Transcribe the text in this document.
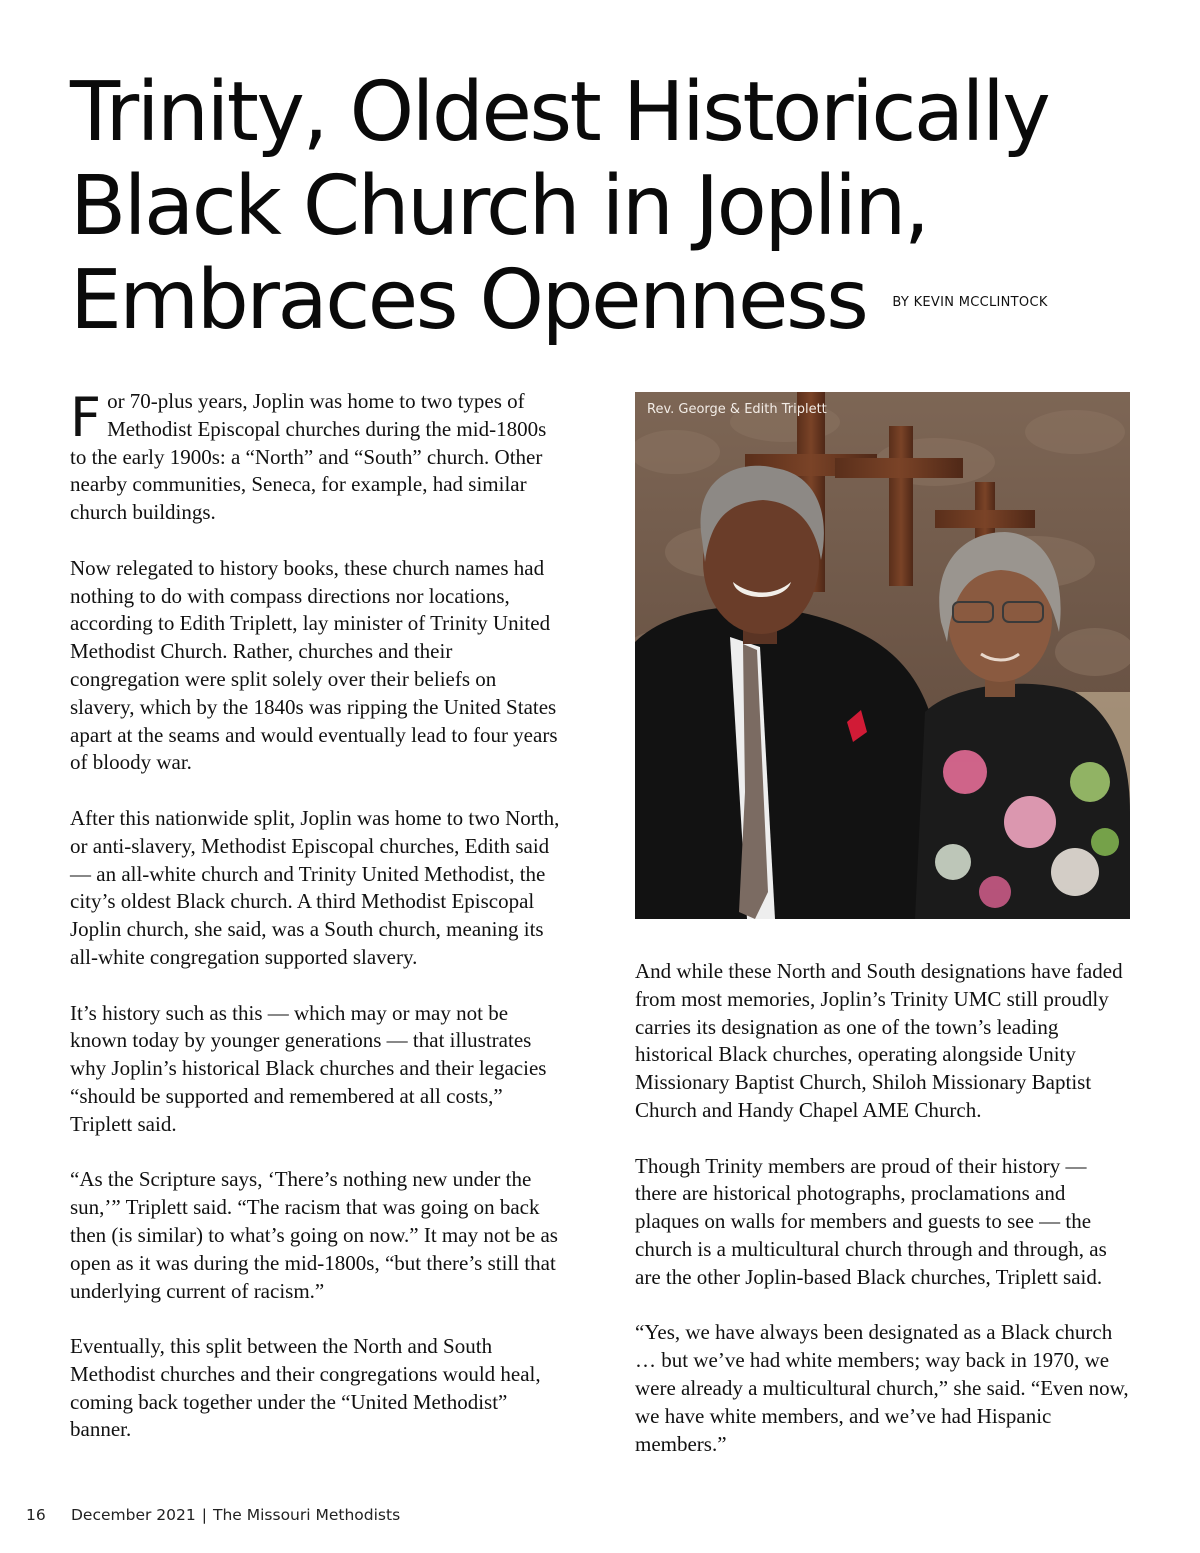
Trinity, Oldest Historically
Black Church in Joplin,
Embraces Openness $^{BY KEVIN MCCLINTOCK}$

For 70-plus years, Joplin was home to two types of Methodist Episcopal churches during the mid-1800s to the early 1900s: a “North” and “South” church. Other nearby communities, Seneca, for example, had similar church buildings.

Now relegated to history books, these church names had nothing to do with compass directions nor locations, according to Edith Triplett, lay minister of Trinity United Methodist Church. Rather, churches and their congregation were split solely over their beliefs on slavery, which by the 1840s was ripping the United States apart at the seams and would eventually lead to four years of bloody war.

After this nationwide split, Joplin was home to two North, or anti-slavery, Methodist Episcopal churches, Edith said — an all-white church and Trinity United Methodist, the city’s oldest Black church. A third Methodist Episcopal Joplin church, she said, was a South church, meaning its all-white congregation supported slavery.

It’s history such as this — which may or may not be known today by younger generations — that illustrates why Joplin’s historical Black churches and their legacies “should be supported and remembered at all costs,” Triplett said.

“As the Scripture says, ‘There’s nothing new under the sun,’” Triplett said. “The racism that was going on back then (is similar) to what’s going on now.” It may not be as open as it was during the mid-1800s, “but there’s still that underlying current of racism.”

Eventually, this split between the North and South Methodist churches and their congregations would heal, coming back together under the “United Methodist” banner.

Rev. George & Edith Triplett

And while these North and South designations have faded from most memories, Joplin’s Trinity UMC still proudly carries its designation as one of the town’s leading historical Black churches, operating alongside Unity Missionary Baptist Church, Shiloh Missionary Baptist Church and Handy Chapel AME Church.

Though Trinity members are proud of their history — there are historical photographs, proclamations and plaques on walls for members and guests to see — the church is a multicultural church through and through, as are the other Joplin-based Black churches, Triplett said.

“Yes, we have always been designated as a Black church … but we’ve had white members; way back in 1970, we were already a multicultural church,” she said. “Even now, we have white members, and we’ve had Hispanic members.”

16 December 2021 | The Missouri Methodists
